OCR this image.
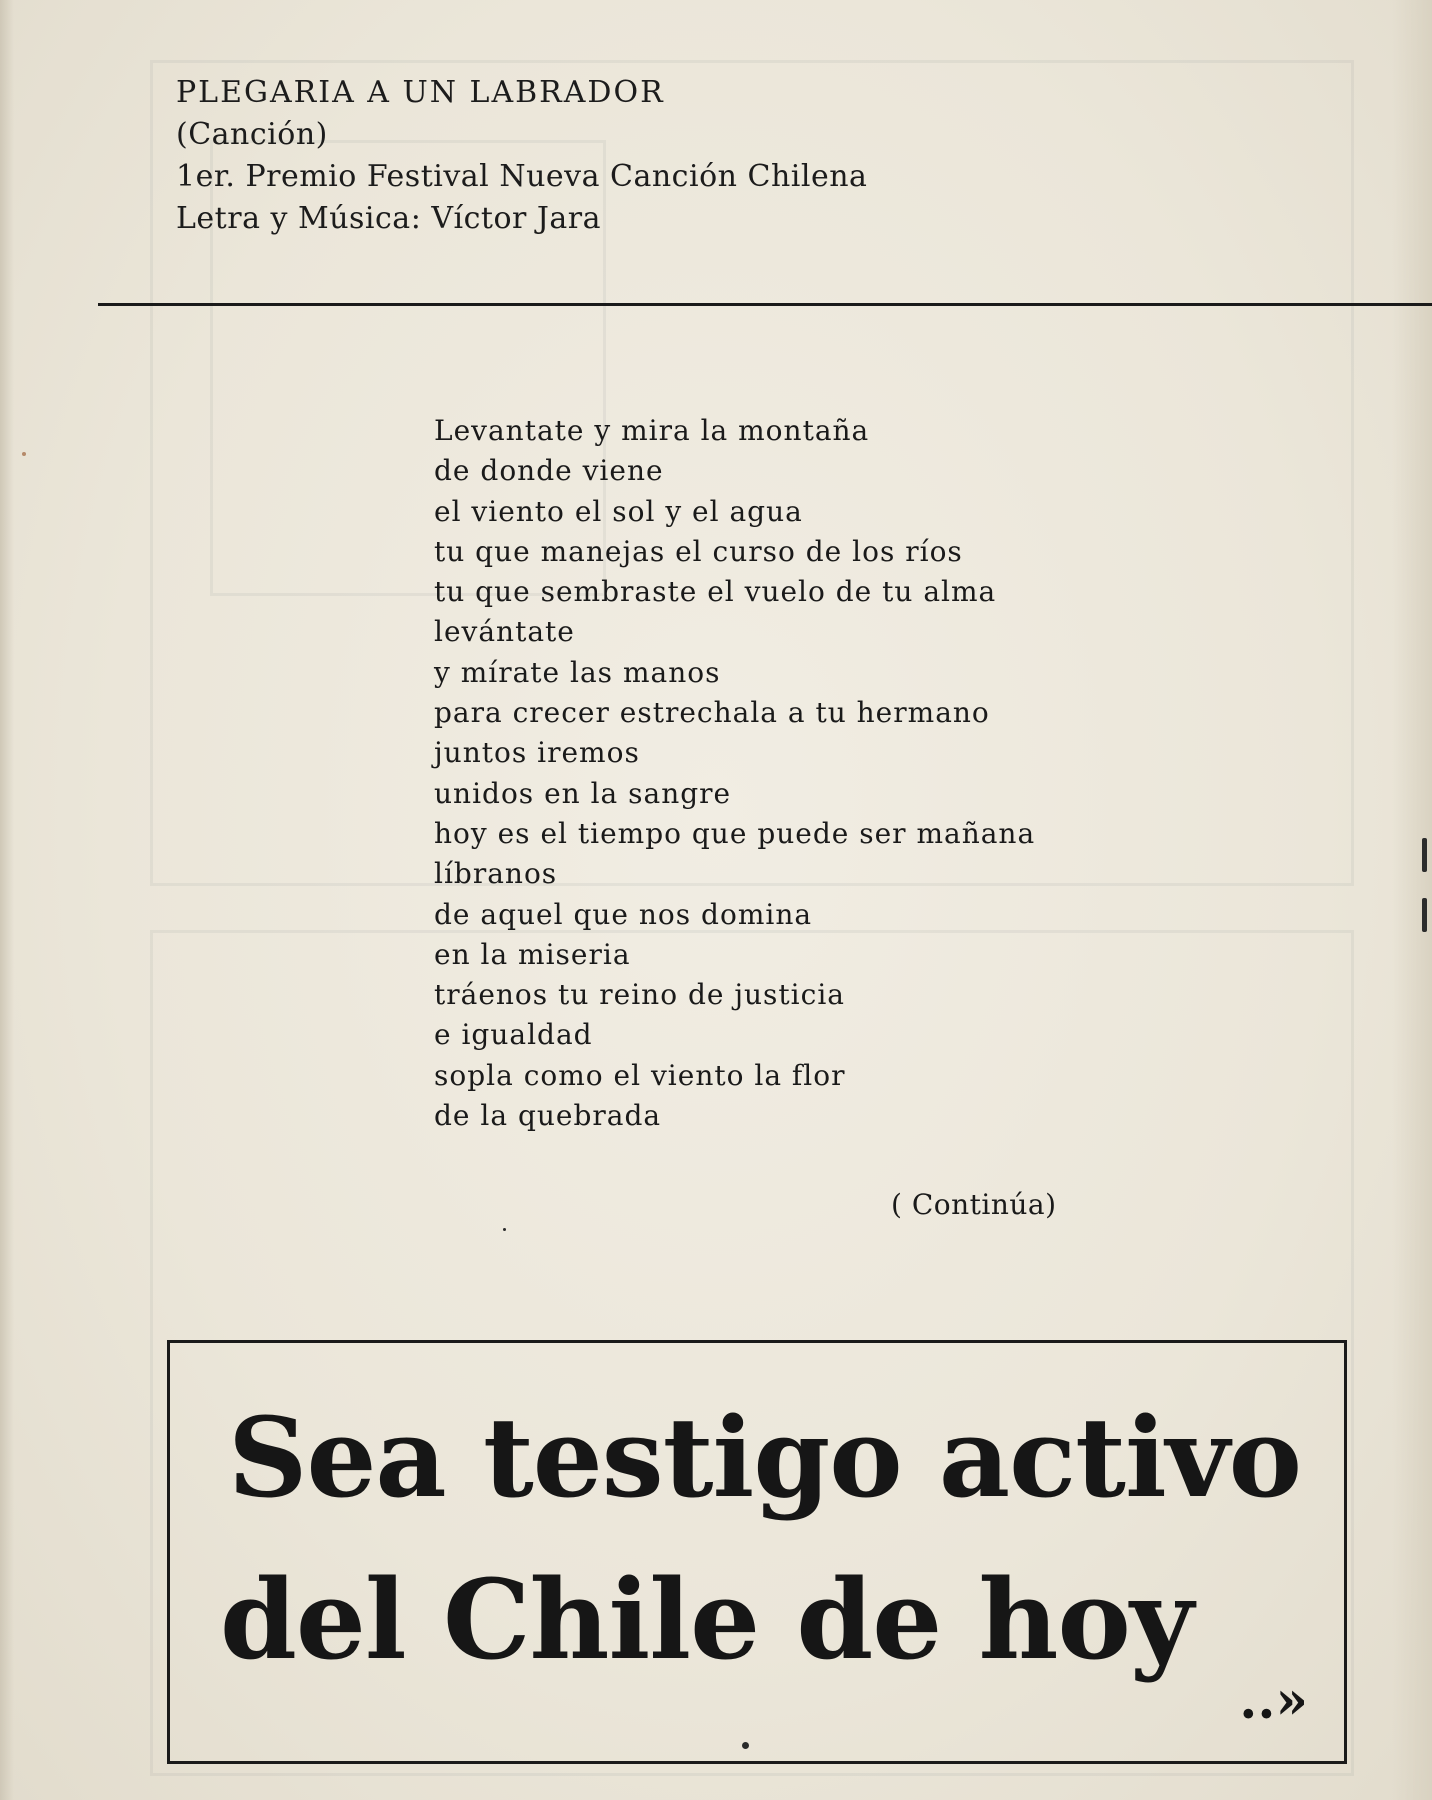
PLEGARIA A UN LABRADOR
(Canción)
1er. Premio Festival Nueva Canción Chilena
Letra y Música: Víctor Jara
Levantate y mira la montaña
de donde viene
el viento el sol y el agua
tu que manejas el curso de los ríos
tu que sembraste el vuelo de tu alma
levántate
y mírate las manos
para crecer estrechala a tu hermano
juntos iremos
unidos en la sangre
hoy es el tiempo que puede ser mañana
líbranos
de aquel que nos domina
en la miseria
tráenos tu reino de justicia
e igualdad
sopla como el viento la flor
de la quebrada
( Continúa)
Sea testigo activo
del Chile de hoy
..»
